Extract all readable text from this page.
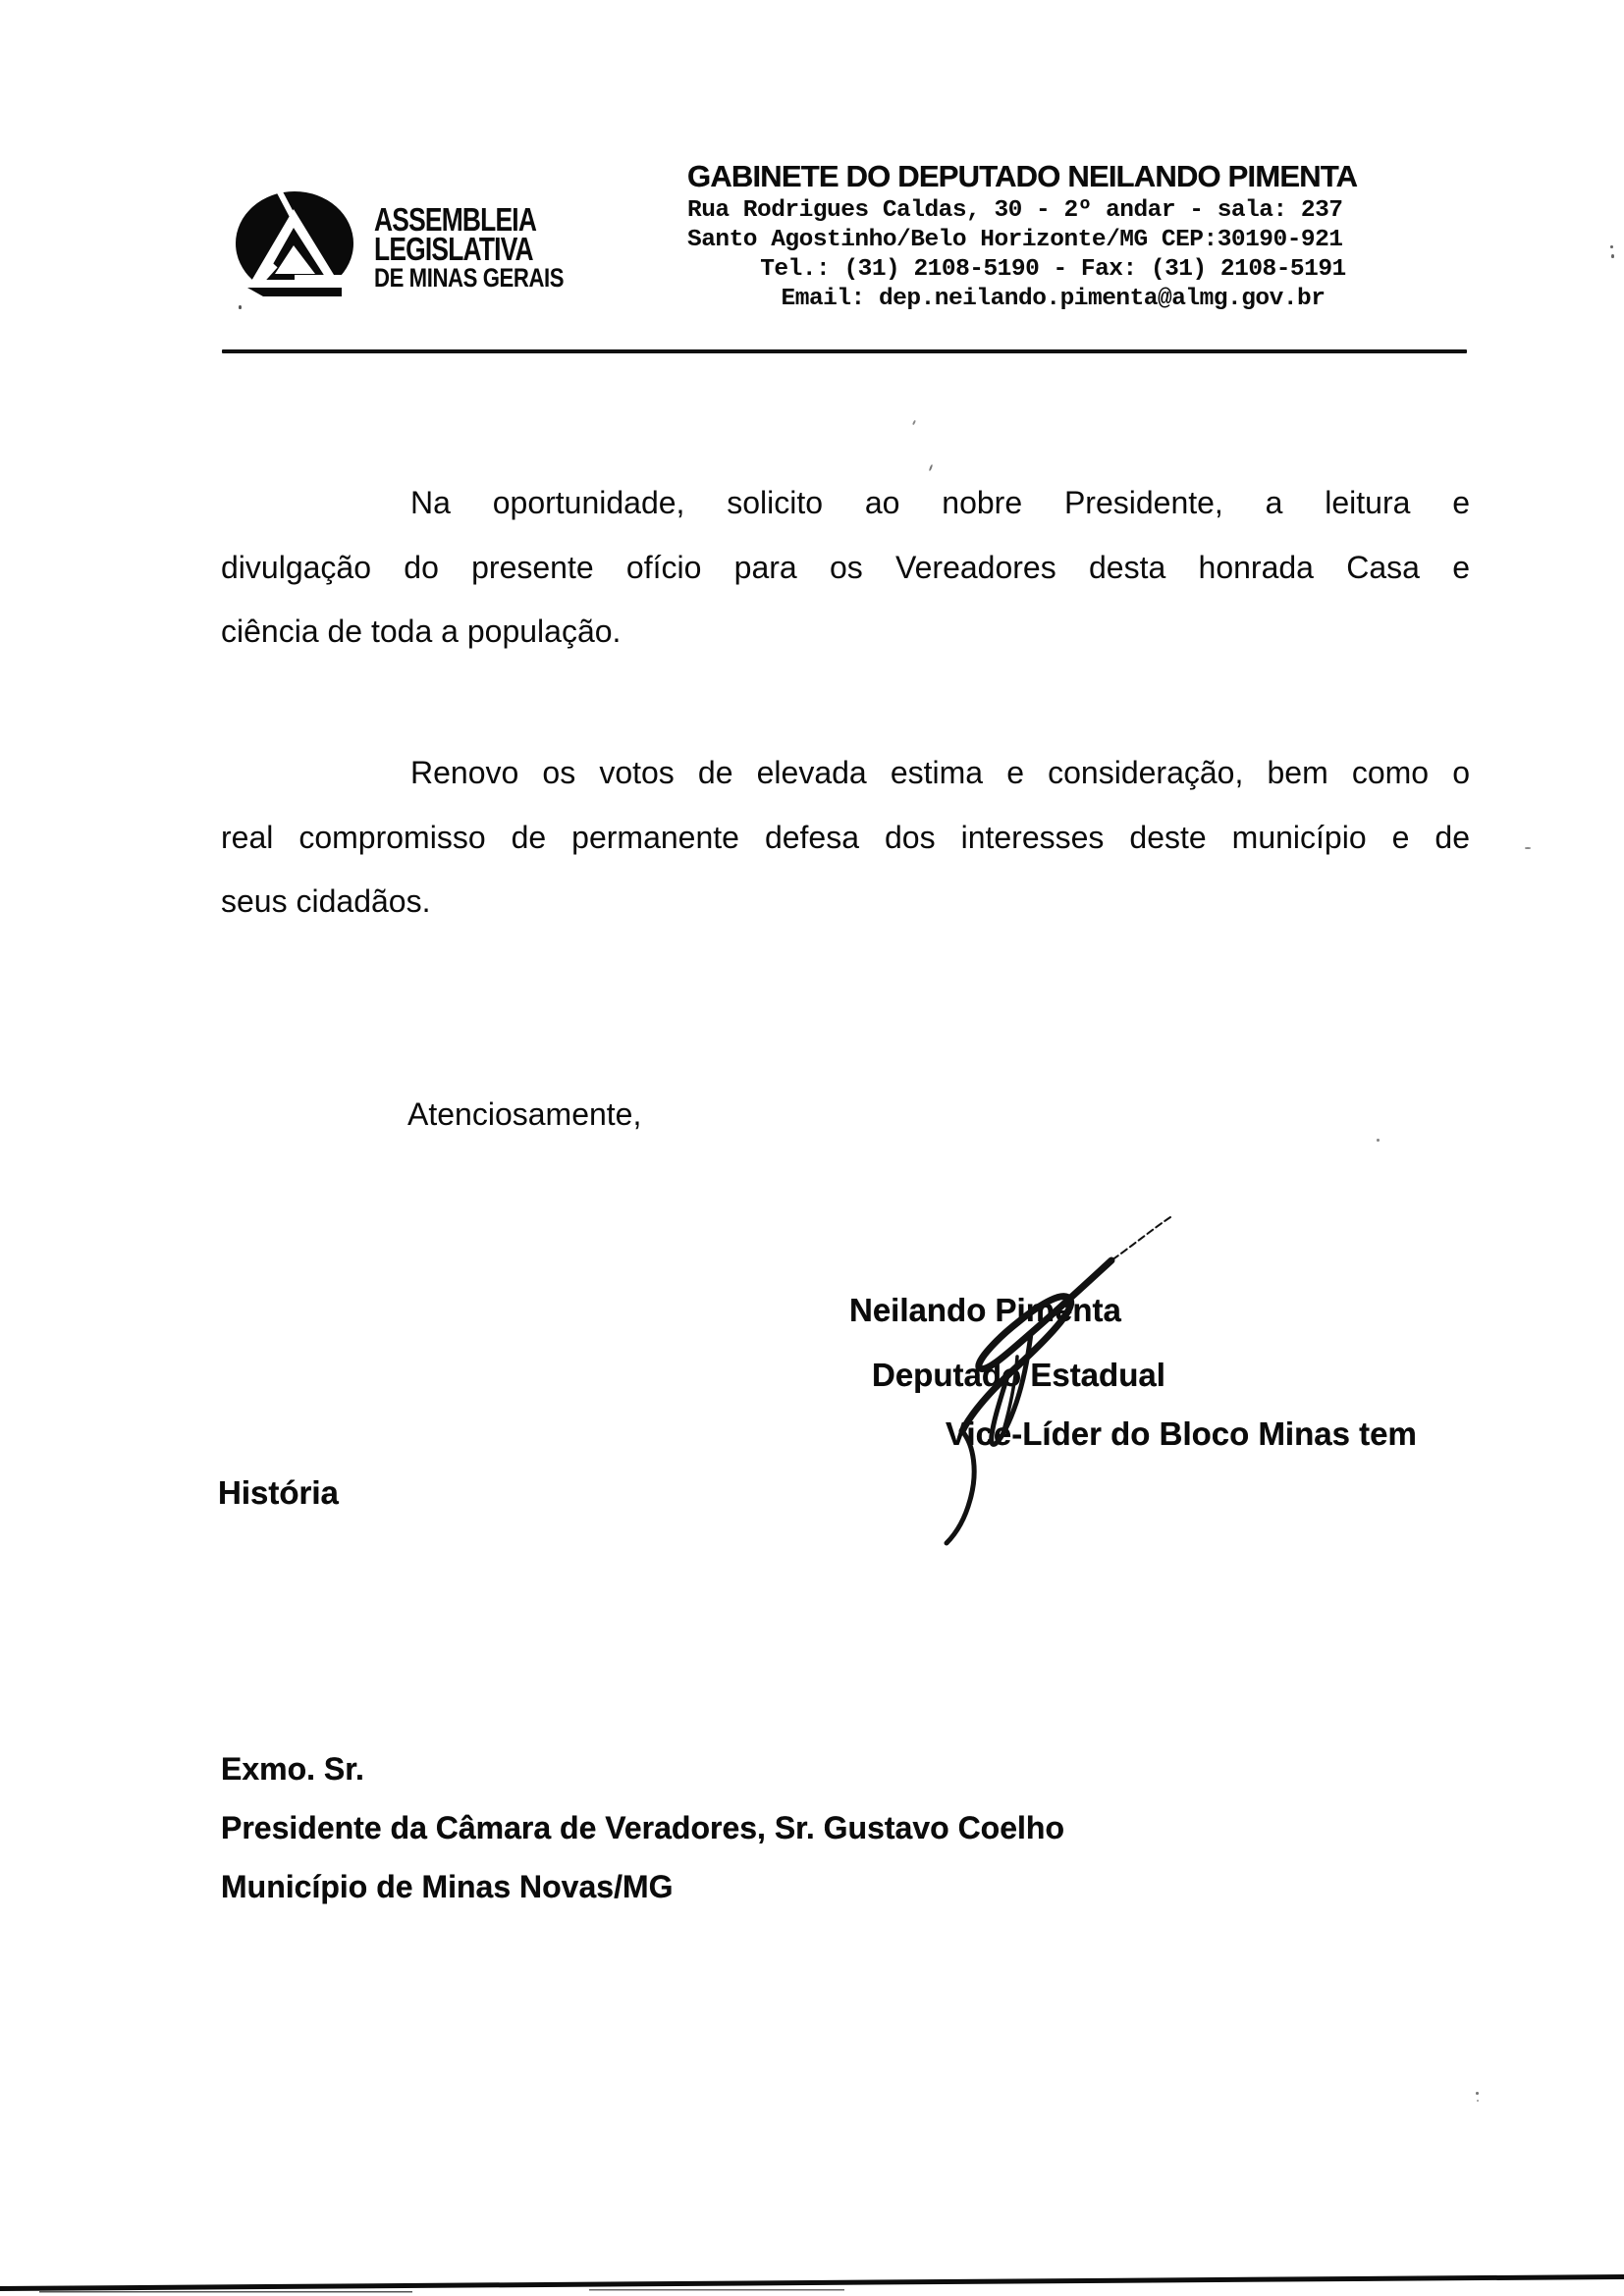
ASSEMBLEIA
LEGISLATIVA
DE MINAS GERAIS
GABINETE DO DEPUTADO NEILANDO PIMENTA
Rua Rodrigues Caldas, 30 - 2º andar - sala: 237
Santo Agostinho/Belo Horizonte/MG CEP:30190-921
Tel.: (31) 2108-5190 - Fax: (31) 2108-5191
Email: dep.neilando.pimenta@almg.gov.br
Na oportunidade, solicito ao nobre Presidente, a leitura e
divulgação do presente ofício para os Vereadores desta honrada Casa e
ciência de toda a população.
Renovo os votos de elevada estima e consideração, bem como o
real compromisso de permanente defesa dos interesses deste município e de
seus cidadãos.
Atenciosamente,
Neilando Pimenta
Deputado Estadual
Vice-Líder do Bloco Minas tem
História
Exmo. Sr.
Presidente da Câmara de Veradores, Sr. Gustavo Coelho
Município de Minas Novas/MG
